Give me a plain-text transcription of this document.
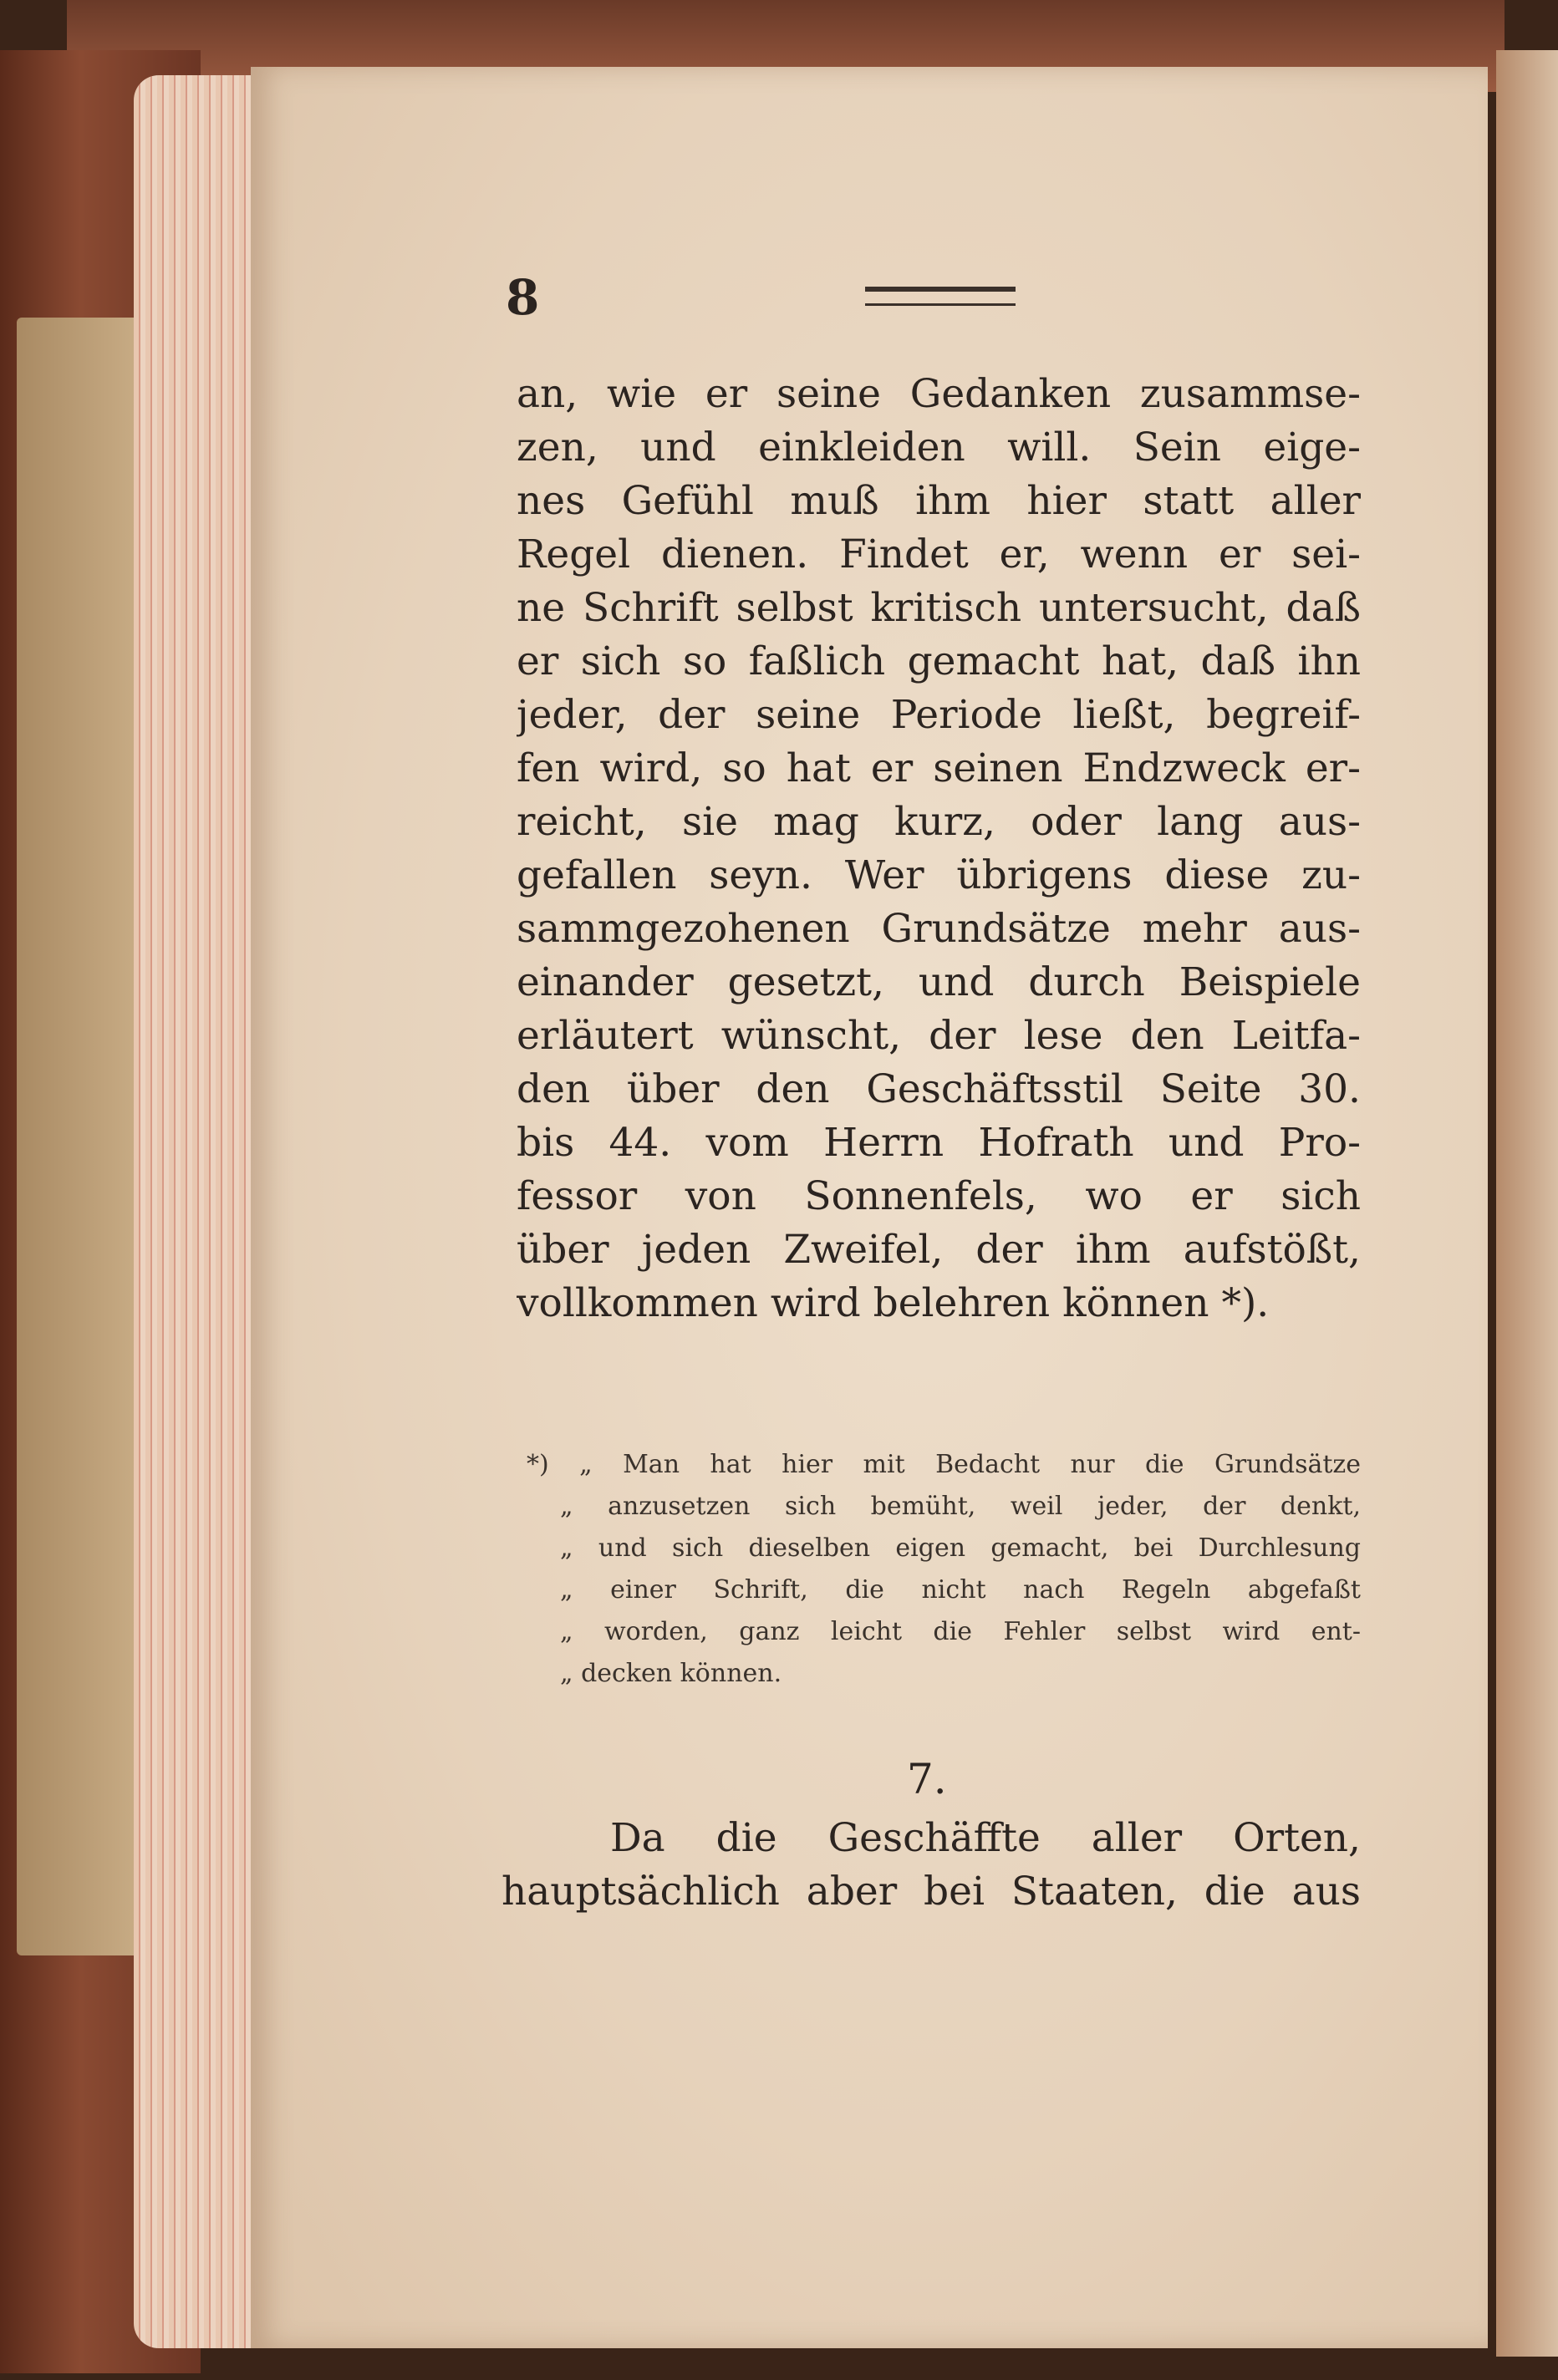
8
an, wie er seine Gedanken zusammse-
zen, und einkleiden will. Sein eige-
nes Gefühl muß ihm hier statt aller
Regel dienen. Findet er, wenn er sei-
ne Schrift selbst kritisch untersucht, daß
er sich so faßlich gemacht hat, daß ihn
jeder, der seine Periode ließt, begreif-
fen wird, so hat er seinen Endzweck er-
reicht, sie mag kurz, oder lang aus-
gefallen seyn. Wer übrigens diese zu-
sammgezohenen Grundsätze mehr aus-
einander gesetzt, und durch Beispiele
erläutert wünscht, der lese den Leitfa-
den über den Geschäftsstil Seite 30.
bis 44. vom Herrn Hofrath und Pro-
fessor von Sonnenfels, wo er sich
über jeden Zweifel, der ihm aufstößt,
vollkommen wird belehren können *).
*) „ Man hat hier mit Bedacht nur die Grundsätze
„ anzusetzen sich bemüht, weil jeder, der denkt,
„ und sich dieselben eigen gemacht, bei Durchlesung
„ einer Schrift, die nicht nach Regeln abgefaßt
„ worden, ganz leicht die Fehler selbst wird ent-
„ decken können.
7.
Da die Geschäffte aller Orten,
hauptsächlich aber bei Staaten, die aus
